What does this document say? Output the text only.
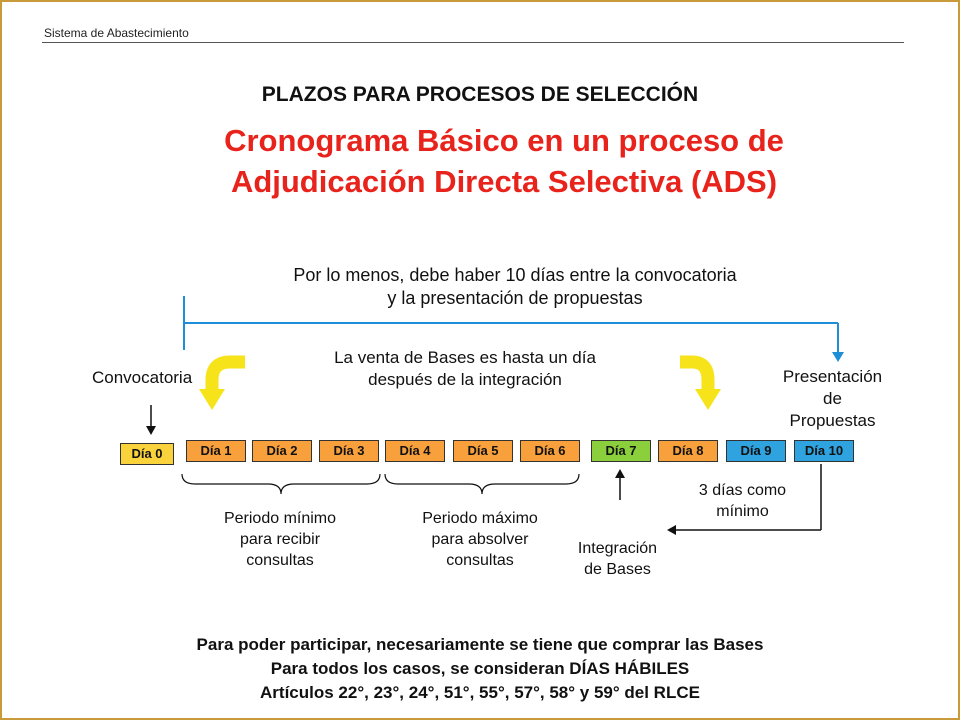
Sistema de Abastecimiento
PLAZOS PARA PROCESOS DE SELECCIÓN
Cronograma Básico en un proceso de
Adjudicación Directa Selectiva (ADS)
Por lo menos, debe haber 10 días entre la convocatoria
y la presentación de propuestas
La venta de Bases es hasta un día
después de la integración
Convocatoria	Presentación
de
Propuestas
Día 0	Día 1	Día 2	Día 3	Día 4	Día 5	Día 6	Día 7	Día 8	Día 9	Día 10
Periodo mínimo
para recibir
consultas
Periodo máximo
para absolver
consultas
3 días como
mínimo
Integración
de Bases
Para poder participar, necesariamente se tiene que comprar las Bases
Para todos los casos, se consideran DÍAS HÁBILES
Artículos 22°, 23°, 24°, 51°, 55°, 57°, 58° y 59° del RLCE
